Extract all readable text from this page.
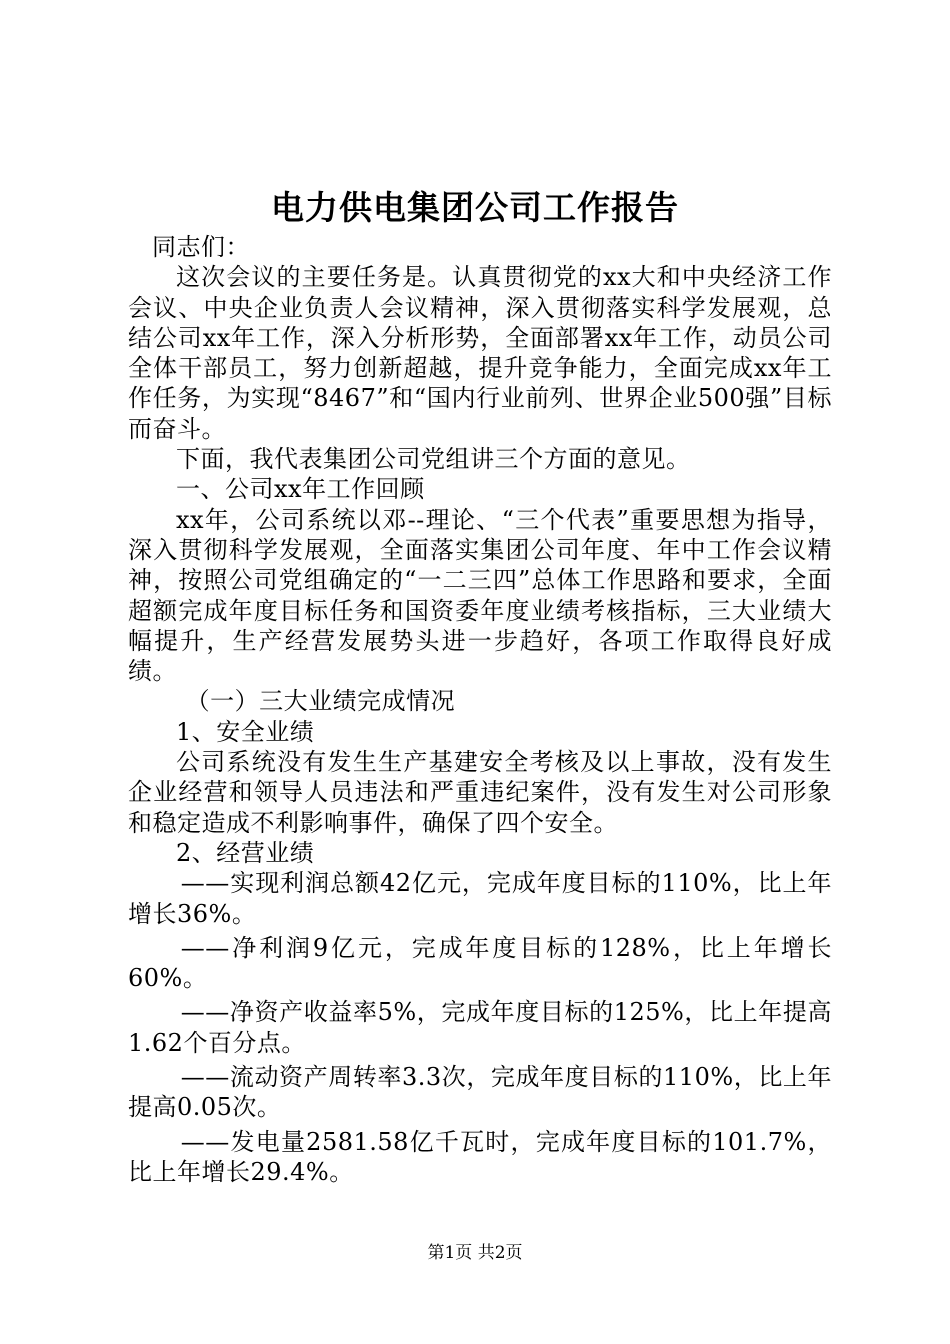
电力供电集团公司工作报告

同志们：

这次会议的主要任务是。认真贯彻党的xx大和中央经济工作会议、中央企业负责人会议精神，深入贯彻落实科学发展观，总结公司xx年工作，深入分析形势，全面部署xx年工作，动员公司全体干部员工，努力创新超越，提升竞争能力，全面完成xx年工作任务，为实现“8467”和“国内行业前列、世界企业500强”目标而奋斗。

下面，我代表集团公司党组讲三个方面的意见。

一、公司xx年工作回顾

xx年，公司系统以邓--理论、“三个代表”重要思想为指导，深入贯彻科学发展观，全面落实集团公司年度、年中工作会议精神，按照公司党组确定的“一二三四”总体工作思路和要求，全面超额完成年度目标任务和国资委年度业绩考核指标，三大业绩大幅提升，生产经营发展势头进一步趋好，各项工作取得良好成绩。

（一）三大业绩完成情况

1、安全业绩

公司系统没有发生生产基建安全考核及以上事故，没有发生企业经营和领导人员违法和严重违纪案件，没有发生对公司形象和稳定造成不利影响事件，确保了四个安全。

2、经营业绩

——实现利润总额42亿元，完成年度目标的110%，比上年增长36%。

——净利润9亿元，完成年度目标的128%，比上年增长60%。

——净资产收益率5%，完成年度目标的125%，比上年提高1.62个百分点。

——流动资产周转率3.3次，完成年度目标的110%，比上年提高0.05次。

——发电量2581.58亿千瓦时，完成年度目标的101.7%，比上年增长29.4%。

第1页 共2页
